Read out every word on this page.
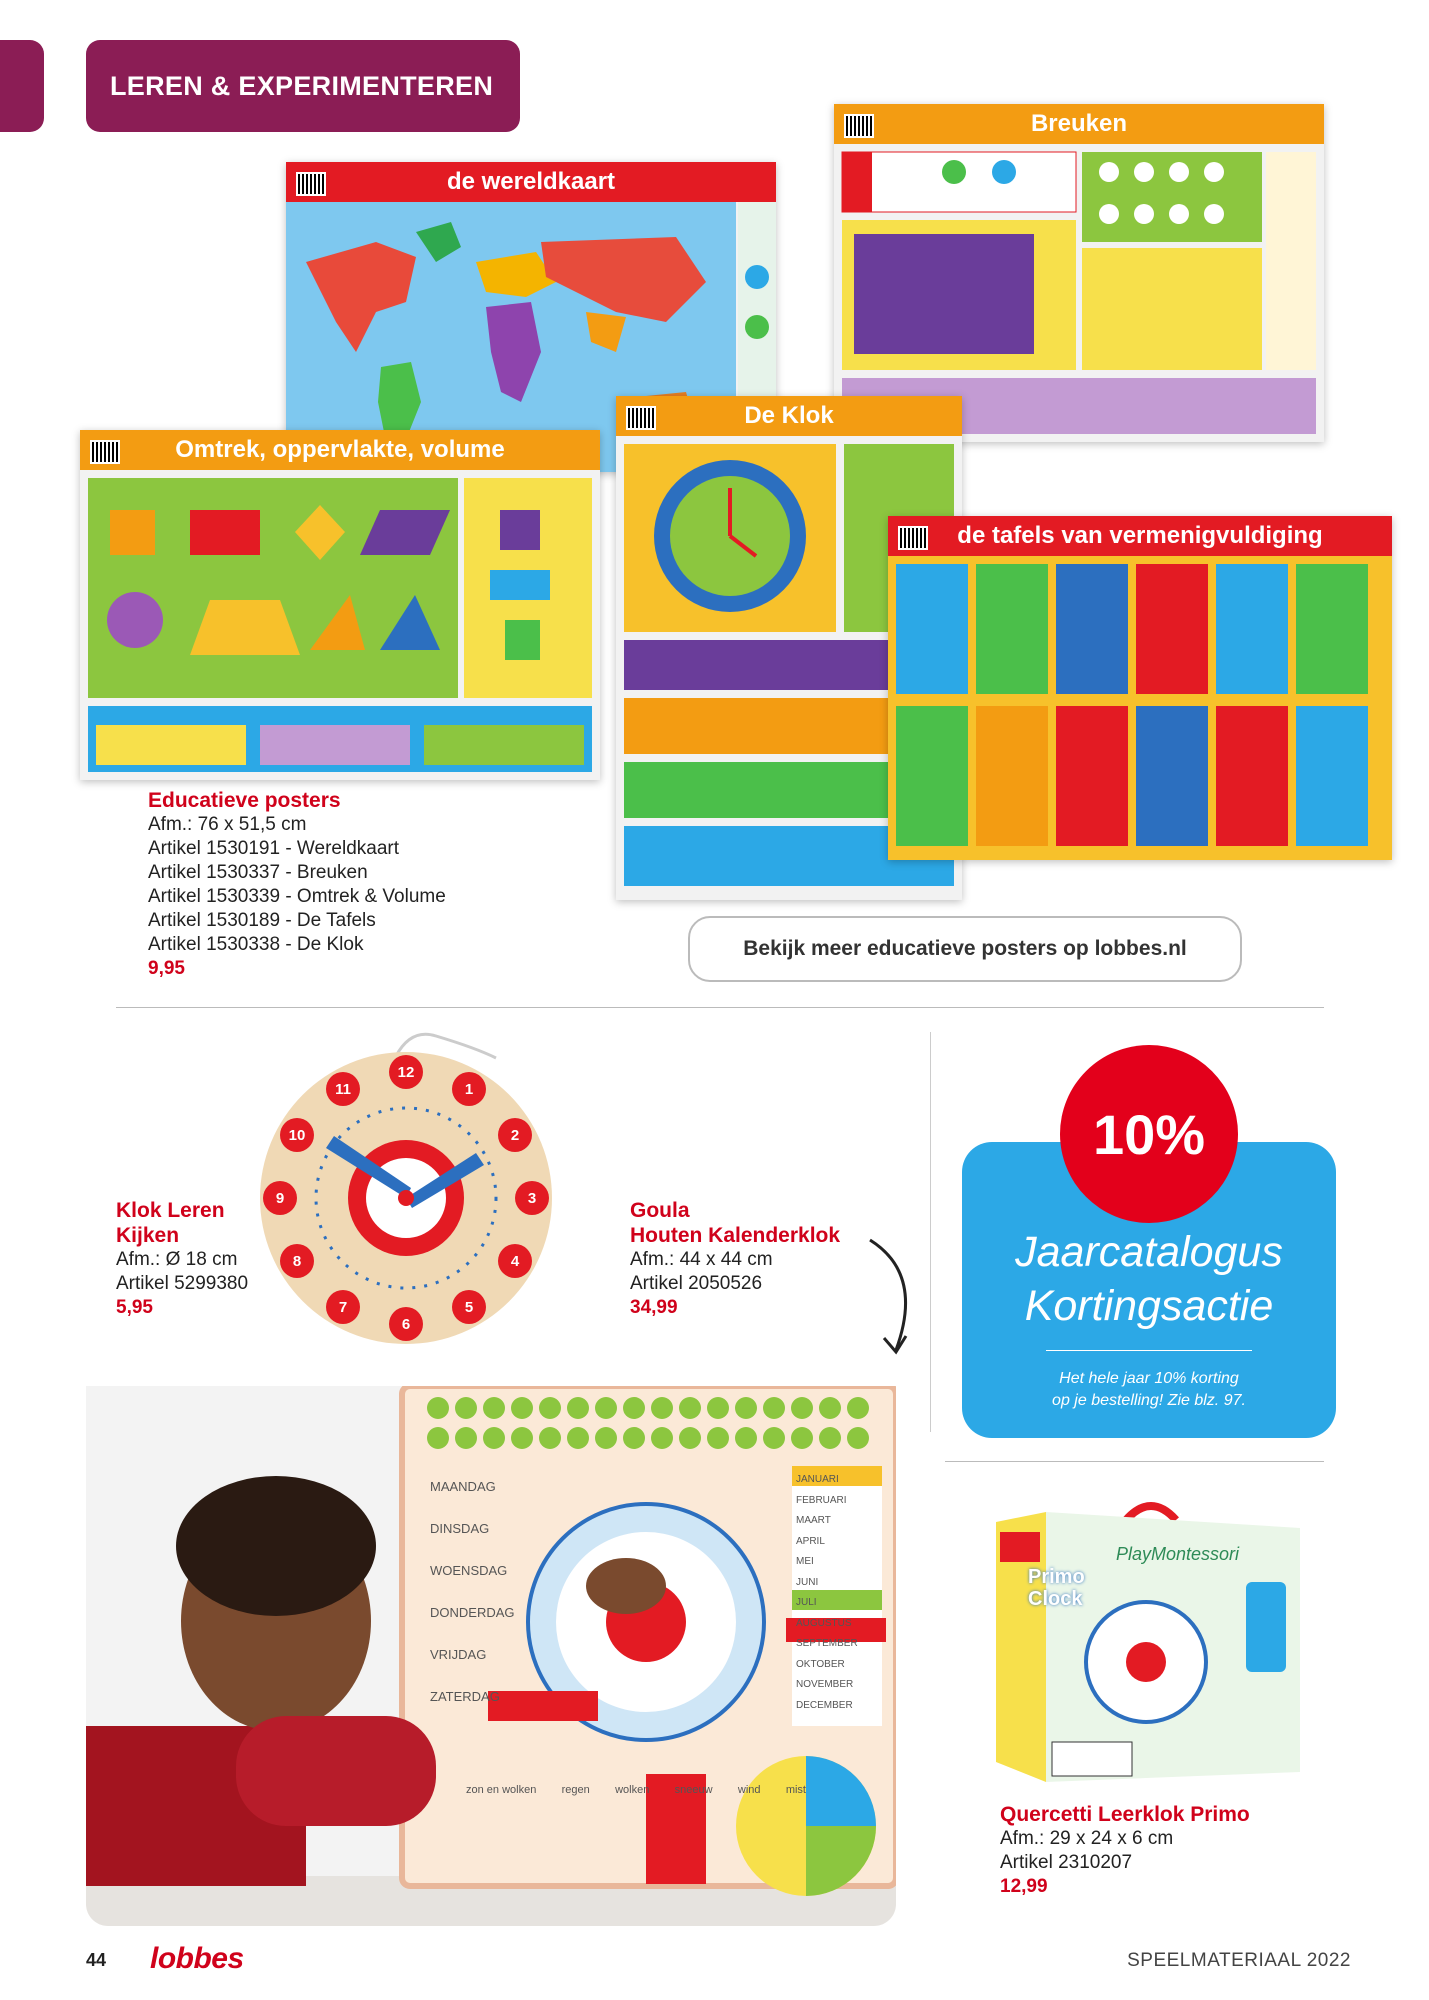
LEREN & EXPERIMENTEREN
de wereldkaart
Breuken
Omtrek, oppervlakte, volume
De Klok
de tafels van vermenigvuldiging
Educatieve posters
Afm.: 76 x 51,5 cm
Artikel 1530191 - Wereldkaart
Artikel 1530337 - Breuken
Artikel 1530339 - Omtrek & Volume
Artikel 1530189 - De Tafels
Artikel 1530338 - De Klok
9,95
Bekijk meer educatieve posters op lobbes.nl
12
1
2
3
4
5
6
7
8
9
10
11
Klok Leren
Kijken
Afm.: Ø 18 cm
Artikel 5299380
5,95
Goula
Houten Kalenderklok
Afm.: 44 x 44 cm
Artikel 2050526
34,99
10%
Jaarcatalogus
Kortingsactie
Het hele jaar 10% korting
op je bestelling! Zie blz. 97.
MAANDAG
DINSDAG
WOENSDAG
DONDERDAG
VRIJDAG
ZATERDAG
JANUARI
FEBRUARI
MAART
APRIL
MEI
JUNI
JULI
AUGUSTUS
SEPTEMBER
OKTOBER
NOVEMBER
DECEMBER
zon en wolken regen wolken sneeuw wind mist
Primo Clock
PlayMontessori
Quercetti Leerklok Primo
Afm.: 29 x 24 x 6 cm
Artikel 2310207
12,99
44 lobbes	SPEELMATERIAAL 2022
